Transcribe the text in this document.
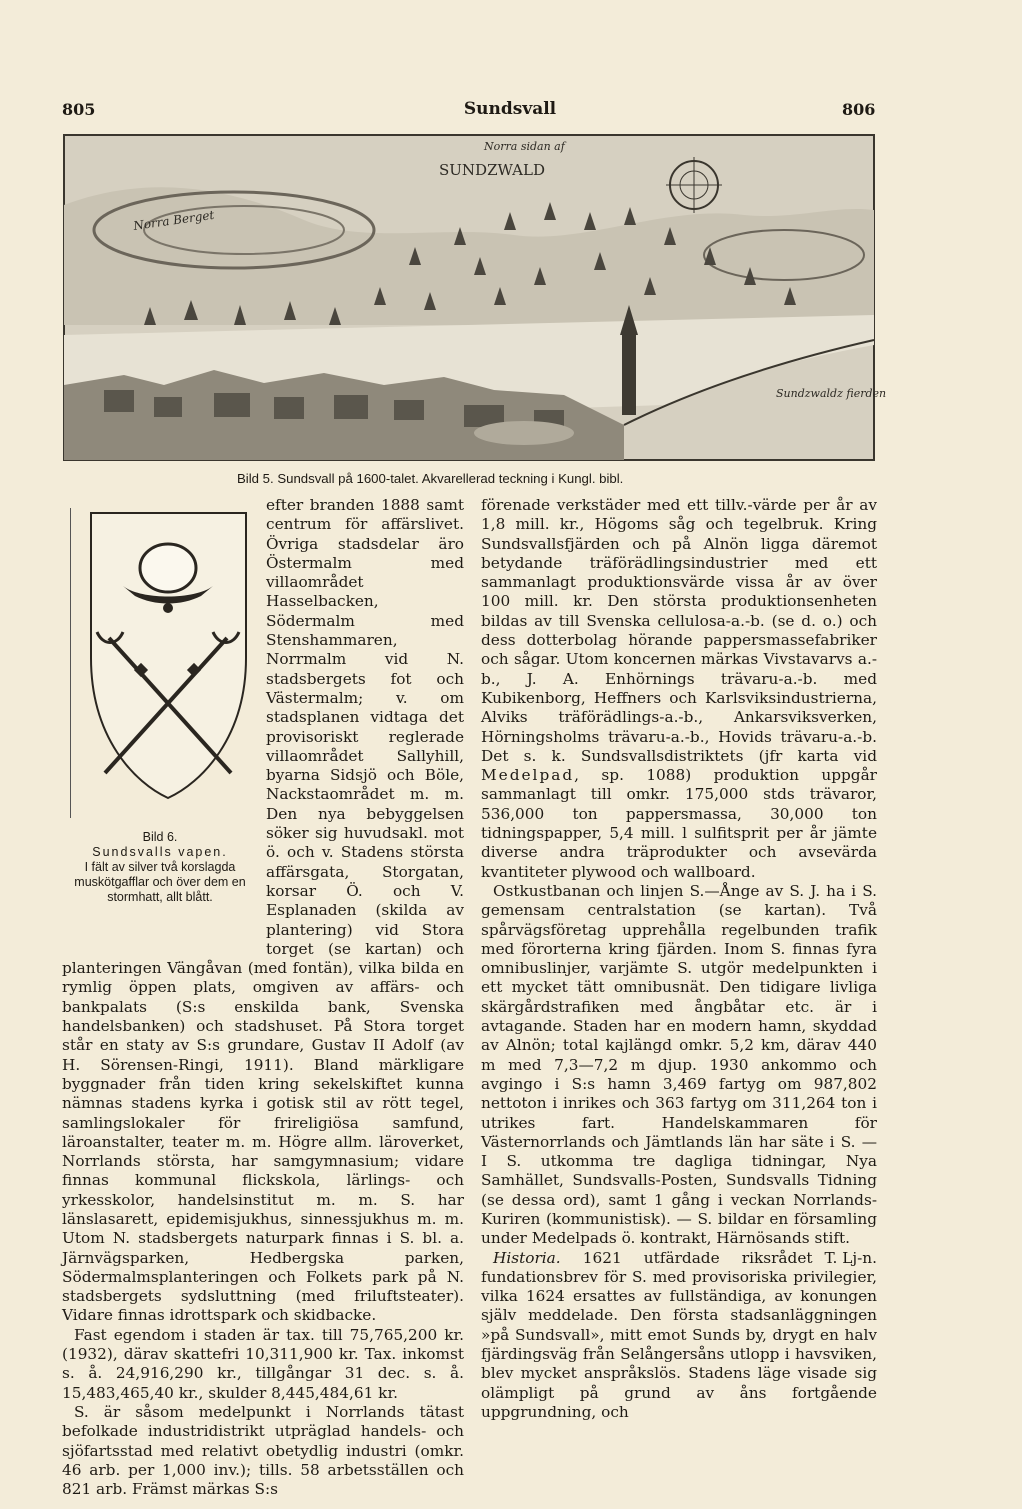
805	Sundsvall	806
Norra sidan af
SUNDZWALD
Norra Berget
Sundzwaldz fierden
Bild 5. Sundsvall på 1600-talet. Akvarellerad teckning i Kungl. bibl.
Bild 6.
Sundsvalls vapen.
I fält av silver två korslagda muskötgafflar och över dem en stormhatt, allt blått.

efter branden 1888 samt centrum för affärslivet. Övriga stadsdelar äro Östermalm med villaområdet Hasselbacken, Södermalm med Stenshammaren, Norrmalm vid N. stadsbergets fot och Västermalm; v. om stadsplanen vidtaga det provisoriskt reglerade villaområdet Sallyhill, byarna Sidsjö och Böle, Nackstaområdet m. m. Den nya bebyggelsen söker sig huvudsakl. mot ö. och v. Stadens största affärsgata, Storgatan, korsar Ö. och V. Esplanaden (skilda av plantering) vid Stora torget (se kartan) och planteringen Vängåvan (med fontän), vilka bilda en rymlig öppen plats, omgiven av affärs- och bankpalats (S:s enskilda bank, Svenska handelsbanken) och stadshuset. På Stora torget står en staty av S:s grundare, Gustav II Adolf (av H. Sörensen-Ringi, 1911). Bland märkligare byggnader från tiden kring sekelskiftet kunna nämnas stadens kyrka i gotisk stil av rött tegel, samlingslokaler för frireligiösa samfund, läroanstalter, teater m. m. Högre allm. läroverket, Norrlands största, har samgymnasium; vidare finnas kommunal flickskola, lärlings- och yrkesskolor, handelsinstitut m. m. S. har länslasarett, epidemisjukhus, sinnessjukhus m. m. Utom N. stadsbergets naturpark finnas i S. bl. a. Järnvägsparken, Hedbergska parken, Södermalmsplanteringen och Folkets park på N. stadsbergets sydsluttning (med friluftsteater). Vidare finnas idrottspark och skidbacke.

Fast egendom i staden är tax. till 75,765,200 kr. (1932), därav skattefri 10,311,900 kr. Tax. inkomst s. å. 24,916,290 kr., tillgångar 31 dec. s. å. 15,483,465,40 kr., skulder 8,445,484,61 kr.

S. är såsom medelpunkt i Norrlands tätast befolkade industridistrikt utpräglad handels- och sjöfartsstad med relativt obetydlig industri (omkr. 46 arb. per 1,000 inv.); tills. 58 arbetsställen och 821 arb. Främst märkas S:s

förenade verkstäder med ett tillv.-värde per år av 1,8 mill. kr., Högoms såg och tegelbruk. Kring Sundsvallsfjärden och på Alnön ligga däremot betydande träförädlingsindustrier med ett sammanlagt produktionsvärde vissa år av över 100 mill. kr. Den största produktionsenheten bildas av till Svenska cellulosa-a.-b. (se d. o.) och dess dotterbolag hörande pappersmassefabriker och sågar. Utom koncernen märkas Vivstavarvs a.-b., J. A. Enhörnings trävaru-a.-b. med Kubikenborg, Heffners och Karlsviksindustrierna, Alviks träförädlings-a.-b., Ankarsviksverken, Hörningsholms trävaru-a.-b., Hovids trävaru-a.-b. Det s. k. Sundsvallsdistriktets (jfr karta vid Medelpad, sp. 1088) produktion uppgår sammanlagt till omkr. 175,000 stds trävaror, 536,000 ton pappersmassa, 30,000 ton tidningspapper, 5,4 mill. l sulfitsprit per år jämte diverse andra träprodukter och avsevärda kvantiteter plywood och wallboard.

Ostkustbanan och linjen S.—Ånge av S. J. ha i S. gemensam centralstation (se kartan). Två spårvägsföretag upprehålla regelbunden trafik med förorterna kring fjärden. Inom S. finnas fyra omnibuslinjer, varjämte S. utgör medelpunkten i ett mycket tätt omnibusnät. Den tidigare livliga skärgårdstrafiken med ångbåtar etc. är i avtagande. Staden har en modern hamn, skyddad av Alnön; total kajlängd omkr. 5,2 km, därav 440 m med 7,3—7,2 m djup. 1930 ankommo och avgingo i S:s hamn 3,469 fartyg om 987,802 nettoton i inrikes och 363 fartyg om 311,264 ton i utrikes fart. Handelskammaren för Västernorrlands och Jämtlands län har säte i S. — I S. utkomma tre dagliga tidningar, Nya Samhället, Sundsvalls-Posten, Sundsvalls Tidning (se dessa ord), samt 1 gång i veckan Norrlands-Kuriren (kommunistisk). — S. bildar en församling under Medelpads ö. kontrakt, Härnösands stift.
T. Lj-n.

Historia. 1621 utfärdade riksrådet fundationsbrev för S. med provisoriska privilegier, vilka 1624 ersattes av fullständiga, av konungen själv meddelade. Den första stadsanläggningen »på Sundsvall», mitt emot Sunds by, drygt en halv fjärdingsväg från Selångersåns utlopp i havsviken, blev mycket anspråkslös. Stadens läge visade sig olämpligt på grund av åns fortgående uppgrundning, och
